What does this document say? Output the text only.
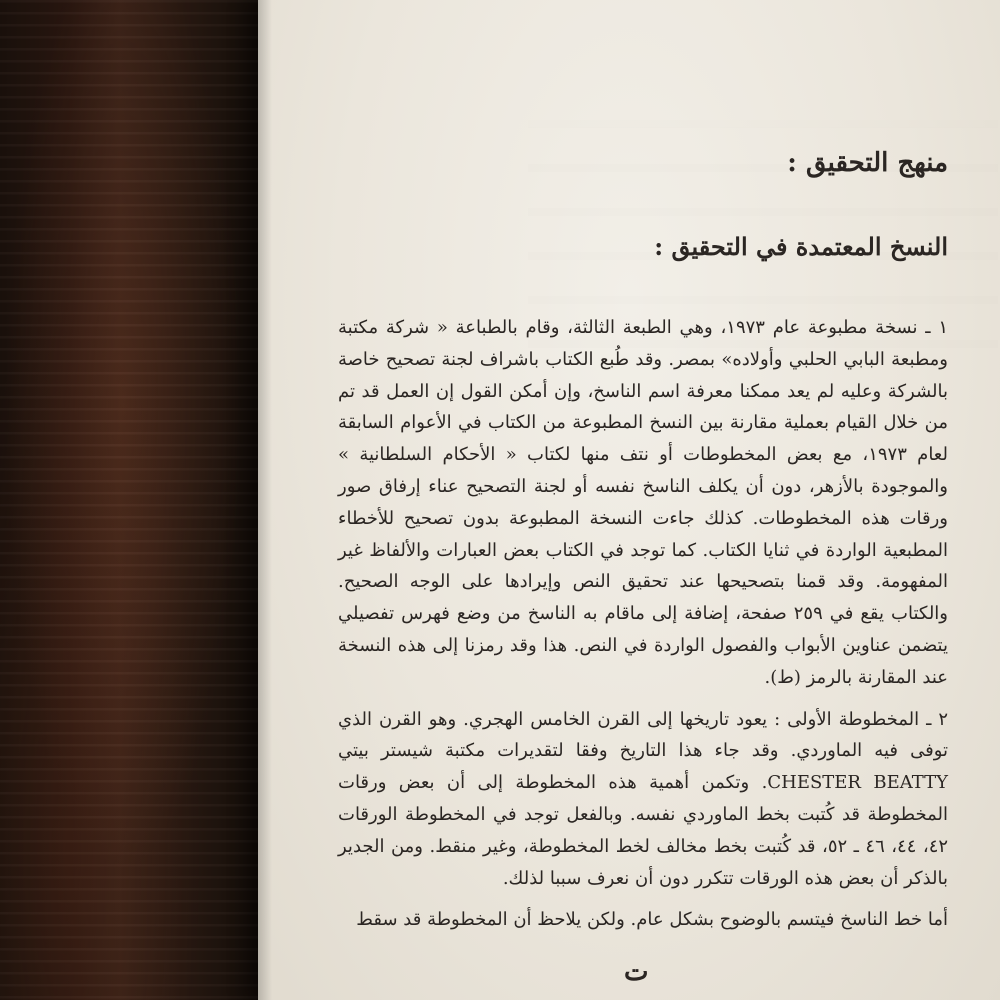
منهج التحقيق :
النسخ المعتمدة في التحقيق :

١ ـ نسخة مطبوعة عام ١٩٧٣، وهي الطبعة الثالثة، وقام بالطباعة « شركة مكتبة ومطبعة البابي الحلبي وأولاده» بمصر. وقد طُبع الكتاب باشراف لجنة تصحيح خاصة بالشركة وعليه لم يعد ممكنا معرفة اسم الناسخ، وإن أمكن القول إن العمل قد تم من خلال القيام بعملية مقارنة بين النسخ المطبوعة من الكتاب في الأعوام السابقة لعام ١٩٧٣، مع بعض المخطوطات أو نتف منها لكتاب « الأحكام السلطانية » والموجودة بالأزهر، دون أن يكلف الناسخ نفسه أو لجنة التصحيح عناء إرفاق صور ورقات هذه المخطوطات. كذلك جاءت النسخة المطبوعة بدون تصحيح للأخطاء المطبعية الواردة في ثنايا الكتاب. كما توجد في الكتاب بعض العبارات والألفاظ غير المفهومة. وقد قمنا بتصحيحها عند تحقيق النص وإيرادها على الوجه الصحيح. والكتاب يقع في ٢٥٩ صفحة، إضافة إلى ماقام به الناسخ من وضع فهرس تفصيلي يتضمن عناوين الأبواب والفصول الواردة في النص. هذا وقد رمزنا إلى هذه النسخة عند المقارنة بالرمز (ط).

٢ ـ المخطوطة الأولى : يعود تاريخها إلى القرن الخامس الهجري. وهو القرن الذي توفى فيه الماوردي. وقد جاء هذا التاريخ وفقا لتقديرات مكتبة شيستر بيتي CHESTER BEATTY. وتكمن أهمية هذه المخطوطة إلى أن بعض ورقات المخطوطة قد كُتبت بخط الماوردي نفسه. وبالفعل توجد في المخطوطة الورقات ٤٢، ٤٤، ٤٦ ـ ٥٢، قد كُتبت بخط مخالف لخط المخطوطة، وغير منقط. ومن الجدير بالذكر أن بعض هذه الورقات تتكرر دون أن نعرف سببا لذلك.

أما خط الناسخ فيتسم بالوضوح بشكل عام. ولكن يلاحظ أن المخطوطة قد سقط

ت
